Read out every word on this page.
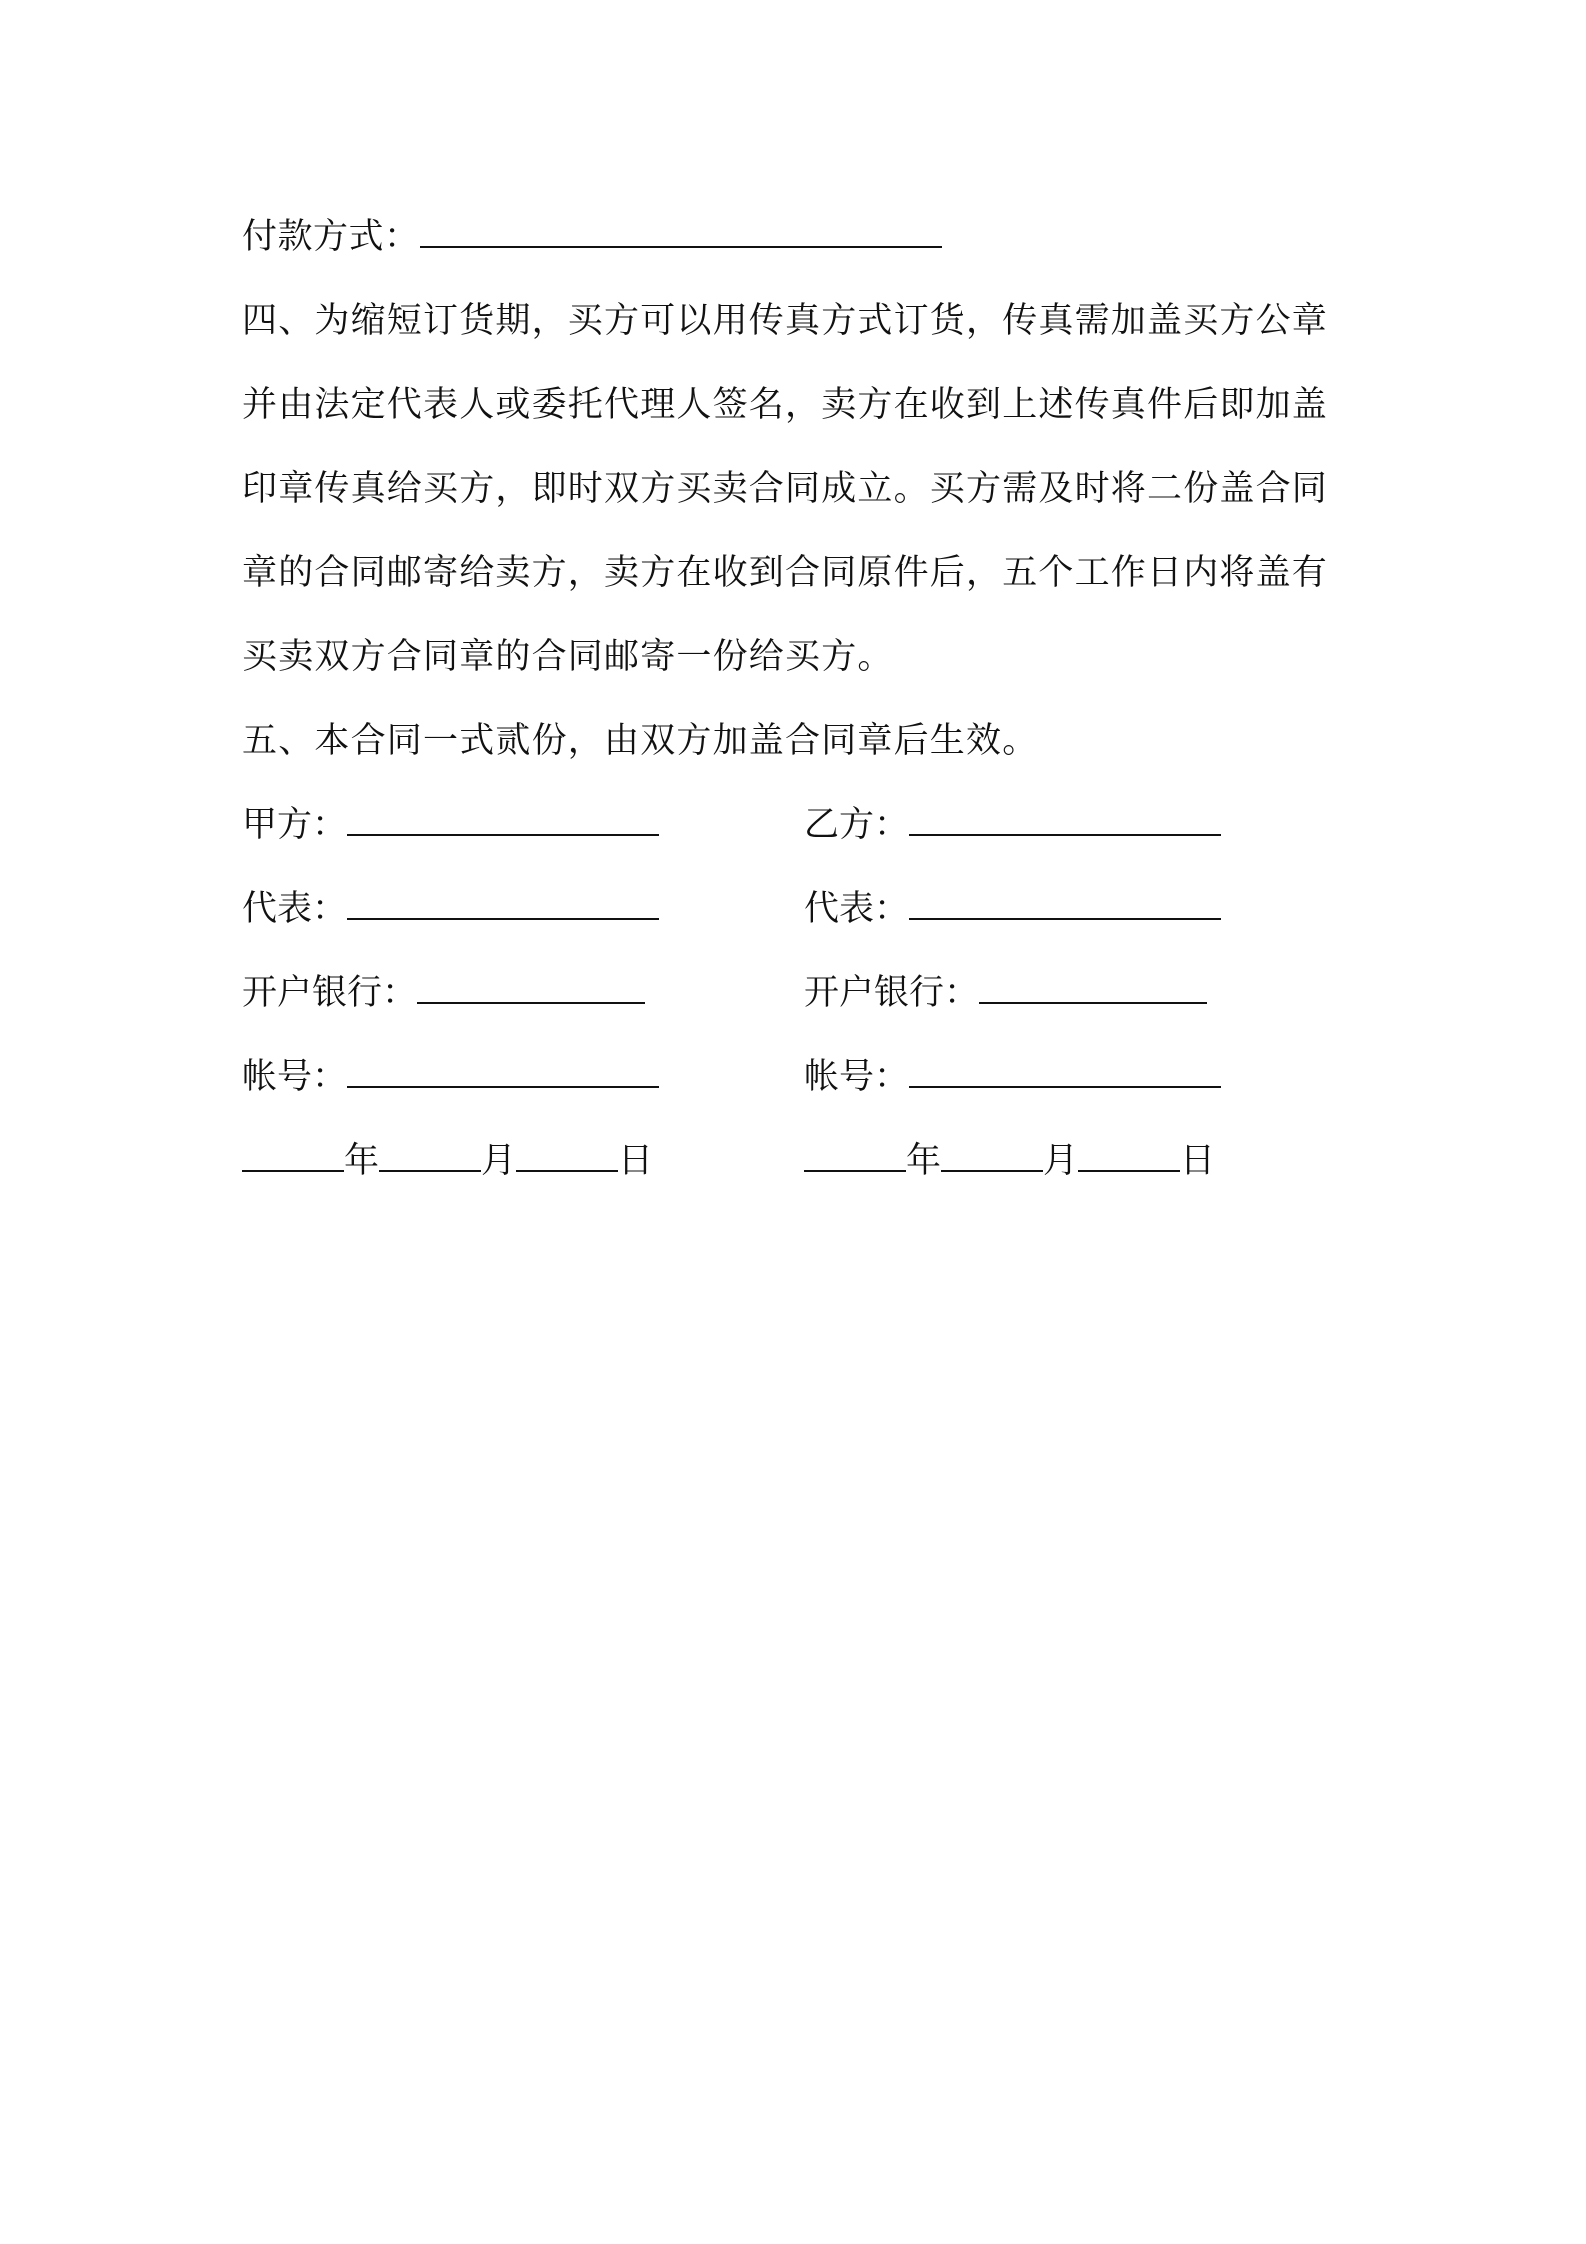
付款方式：
四、为缩短订货期，买方可以用传真方式订货，传真需加盖买方公章
并由法定代表人或委托代理人签名，卖方在收到上述传真件后即加盖
印章传真给买方，即时双方买卖合同成立。买方需及时将二份盖合同
章的合同邮寄给卖方，卖方在收到合同原件后，五个工作日内将盖有
买卖双方合同章的合同邮寄一份给买方。
五、本合同一式贰份，由双方加盖合同章后生效。
甲方：	乙方：
代表：	代表：
开户银行：	开户银行：
帐号：	帐号：
年	月	日	年	月	日
